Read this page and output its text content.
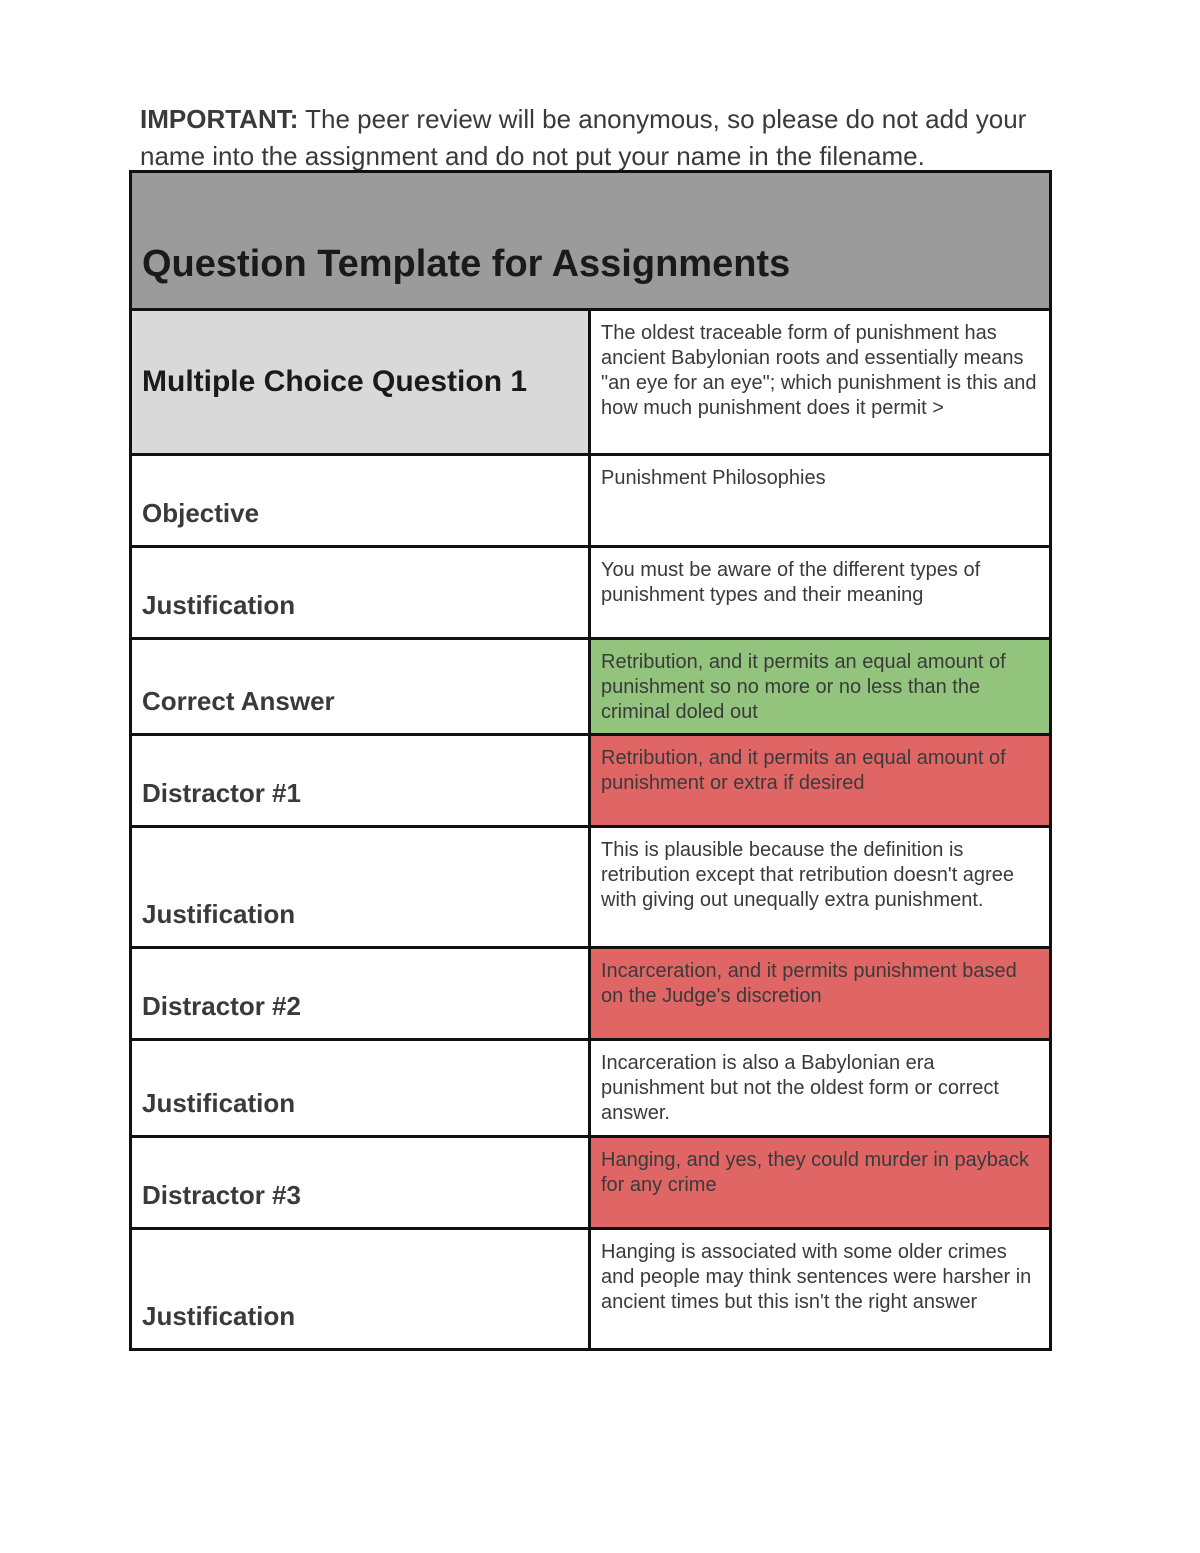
IMPORTANT: The peer review will be anonymous, so please do not add your name into the assignment and do not put your name in the filename.
Question Template for Assignments	
Multiple Choice Question 1	The oldest traceable form of punishment has ancient Babylonian roots and essentially means "an eye for an eye"; which punishment is this and how much punishment does it permit >
Objective	Punishment Philosophies
Justification	You must be aware of the different types of punishment types and their meaning
Correct Answer	Retribution, and it permits an equal amount of punishment so no more or no less than the criminal doled out
Distractor #1	Retribution, and it permits an equal amount of punishment or extra if desired
Justification	This is plausible because the definition is retribution except that retribution doesn't agree with giving out unequally extra punishment.
Distractor #2	Incarceration, and it permits punishment based on the Judge's discretion
Justification	Incarceration is also a Babylonian era punishment but not the oldest form or correct answer.
Distractor #3	Hanging, and yes, they could murder in payback for any crime
Justification	Hanging is associated with some older crimes and people may think sentences were harsher in ancient times but this isn't the right answer
